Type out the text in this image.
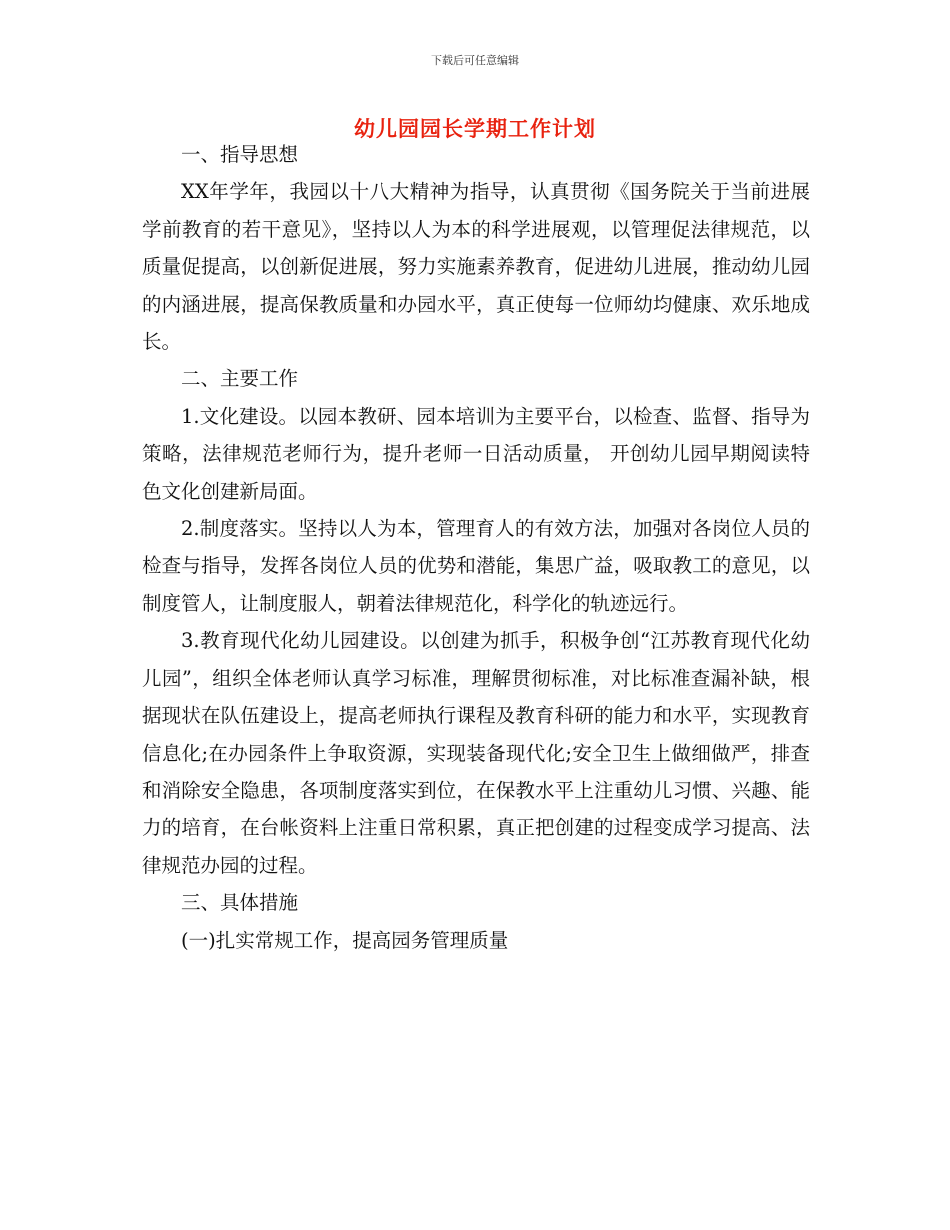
下载后可任意编辑
幼儿园园长学期工作计划

一、指导思想

XX年学年，我园以十八大精神为指导，认真贯彻《国务院关于当前进展学前教育的若干意见》，坚持以人为本的科学进展观，以管理促法律规范，以质量促提高，以创新促进展，努力实施素养教育，促进幼儿进展，推动幼儿园的内涵进展，提高保教质量和办园水平，真正使每一位师幼均健康、欢乐地成长。

二、主要工作

1.文化建设。以园本教研、园本培训为主要平台，以检查、监督、指导为策略，法律规范老师行为，提升老师一日活动质量， 开创幼儿园早期阅读特色文化创建新局面。

2.制度落实。坚持以人为本，管理育人的有效方法，加强对各岗位人员的检查与指导，发挥各岗位人员的优势和潜能，集思广益，吸取教工的意见，以制度管人，让制度服人，朝着法律规范化，科学化的轨迹远行。

3.教育现代化幼儿园建设。以创建为抓手，积极争创“江苏教育现代化幼儿园”，组织全体老师认真学习标准，理解贯彻标准，对比标准查漏补缺，根据现状在队伍建设上，提高老师执行课程及教育科研的能力和水平，实现教育信息化;在办园条件上争取资源，实现装备现代化;安全卫生上做细做严，排查和消除安全隐患，各项制度落实到位，在保教水平上注重幼儿习惯、兴趣、能力的培育，在台帐资料上注重日常积累，真正把创建的过程变成学习提高、法律规范办园的过程。

三、具体措施

(一)扎实常规工作，提高园务管理质量
